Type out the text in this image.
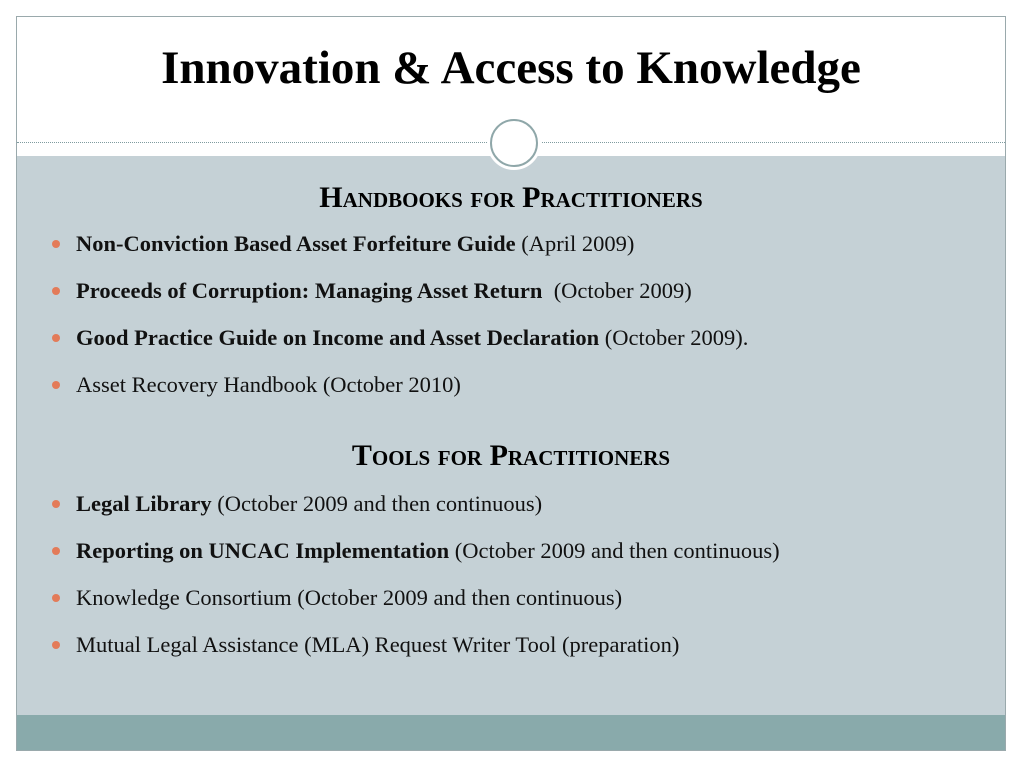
Innovation & Access to Knowledge
Handbooks for Practitioners
Non-Conviction Based Asset Forfeiture Guide (April 2009)
Proceeds of Corruption: Managing Asset Return  (October 2009)
Good Practice Guide on Income and Asset Declaration (October 2009).
Asset Recovery Handbook (October 2010)
Tools for Practitioners
Legal Library (October 2009 and then continuous)
Reporting on UNCAC Implementation (October 2009 and then continuous)
Knowledge Consortium (October 2009 and then continuous)
Mutual Legal Assistance (MLA) Request Writer Tool (preparation)
